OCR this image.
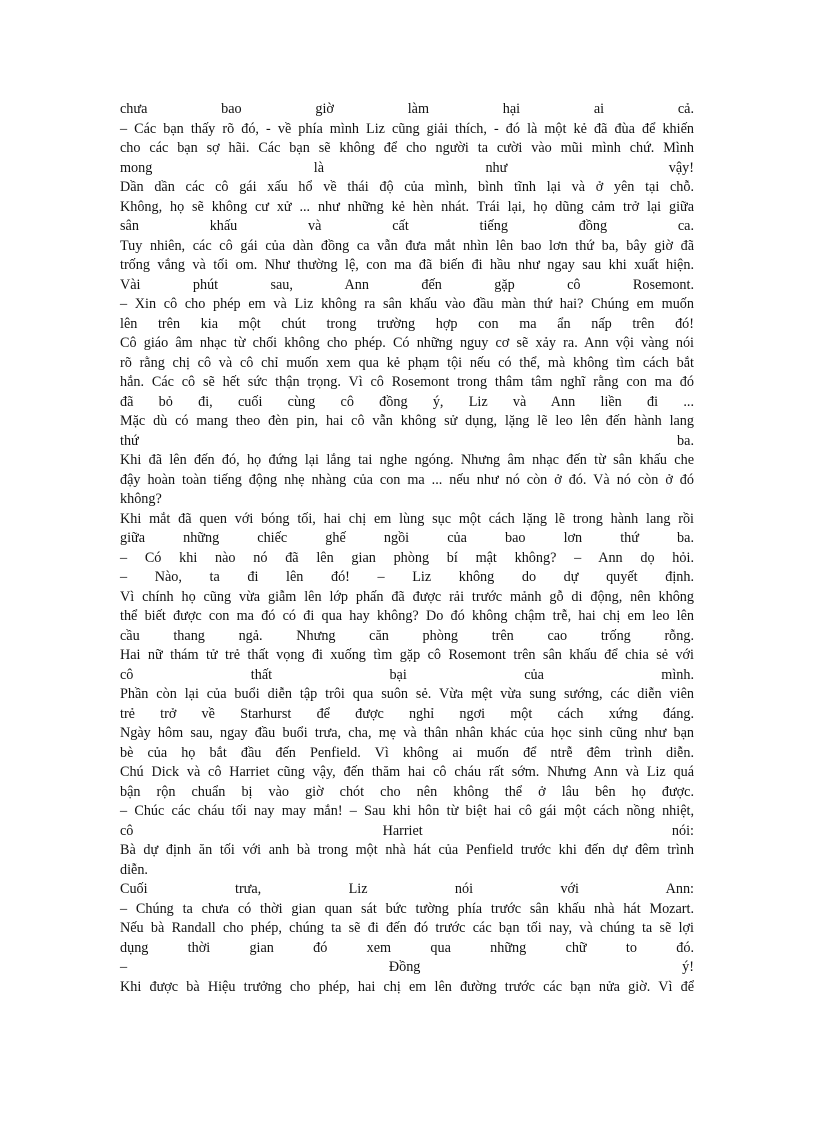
chưa bao giờ làm hại ai cả.
– Các bạn thấy rõ đó, - về phía mình Liz cũng giải thích, - đó là một kẻ đã đùa để khiến
cho các bạn sợ hãi. Các bạn sẽ không để cho người ta cười vào mũi mình chứ. Mình
mong là như vậy!
Dần dần các cô gái xấu hổ về thái độ của mình, bình tĩnh lại và ở yên tại chỗ.
Không, họ sẽ không cư xử ... như những kẻ hèn nhát. Trái lại, họ dũng cảm trở lại giữa
sân khấu và cất tiếng đồng ca.
Tuy nhiên, các cô gái của dàn đồng ca vẫn đưa mắt nhìn lên bao lơn thứ ba, bây giờ đã
trống vắng và tối om. Như thường lệ, con ma đã biến đi hầu như ngay sau khi xuất hiện.
Vài phút sau, Ann đến gặp cô Rosemont.
– Xin cô cho phép em và Liz không ra sân khấu vào đầu màn thứ hai? Chúng em muốn
lên trên kia một chút trong trường hợp con ma ẩn nấp trên đó!
Cô giáo âm nhạc từ chối không cho phép. Có những nguy cơ sẽ xảy ra. Ann vội vàng nói
rõ rằng chị cô và cô chỉ muốn xem qua kẻ phạm tội nếu có thể, mà không tìm cách bắt
hắn. Các cô sẽ hết sức thận trọng. Vì cô Rosemont trong thâm tâm nghĩ rằng con ma đó
đã bỏ đi, cuối cùng cô đồng ý, Liz và Ann liền đi ...
Mặc dù có mang theo đèn pin, hai cô vẫn không sử dụng, lặng lẽ leo lên đến hành lang
thứ ba.
Khi đã lên đến đó, họ đứng lại lắng tai nghe ngóng. Nhưng âm nhạc đến từ sân khấu che
đậy hoàn toàn tiếng động nhẹ nhàng của con ma ... nếu như nó còn ở đó. Và nó còn ở đó
không?
Khi mắt đã quen với bóng tối, hai chị em lùng sục một cách lặng lẽ trong hành lang rồi
giữa những chiếc ghế ngồi của bao lơn thứ ba.
– Có khi nào nó đã lên gian phòng bí mật không? – Ann dọ hỏi.
– Nào, ta đi lên đó! – Liz không do dự quyết định.
Vì chính họ cũng vừa giẫm lên lớp phấn đã được rải trước mảnh gỗ di động, nên không
thể biết được con ma đó có đi qua hay không? Do đó không chậm trễ, hai chị em leo lên
cầu thang ngả. Nhưng căn phòng trên cao trống rỗng.
Hai nữ thám tử trẻ thất vọng đi xuống tìm gặp cô Rosemont trên sân khấu để chia sẻ với
cô thất bại của mình.
Phần còn lại của buổi diễn tập trôi qua suôn sẻ. Vừa mệt vừa sung sướng, các diễn viên
trẻ trở về Starhurst để được nghỉ ngơi một cách xứng đáng.
Ngày hôm sau, ngay đầu buổi trưa, cha, mẹ và thân nhân khác của học sinh cũng như bạn
bè của họ bắt đầu đến Penfield. Vì không ai muốn để ntrễ đêm trình diễn.
Chú Dick và cô Harriet cũng vậy, đến thăm hai cô cháu rất sớm. Nhưng Ann và Liz quá
bận rộn chuẩn bị vào giờ chót cho nên không thể ở lâu bên họ được.
– Chúc các cháu tối nay may mắn! – Sau khi hôn từ biệt hai cô gái một cách nồng nhiệt,
cô Harriet nói:
Bà dự định ăn tối với anh bà trong một nhà hát của Penfield trước khi đến dự đêm trình
diễn.
Cuối trưa, Liz nói với Ann:
– Chúng ta chưa có thời gian quan sát bức tường phía trước sân khấu nhà hát Mozart.
Nếu bà Randall cho phép, chúng ta sẽ đi đến đó trước các bạn tối nay, và chúng ta sẽ lợi
dụng thời gian đó xem qua những chữ to đó.
– Đồng ý!
Khi được bà Hiệu trưởng cho phép, hai chị em lên đường trước các bạn nửa giờ. Vì để
